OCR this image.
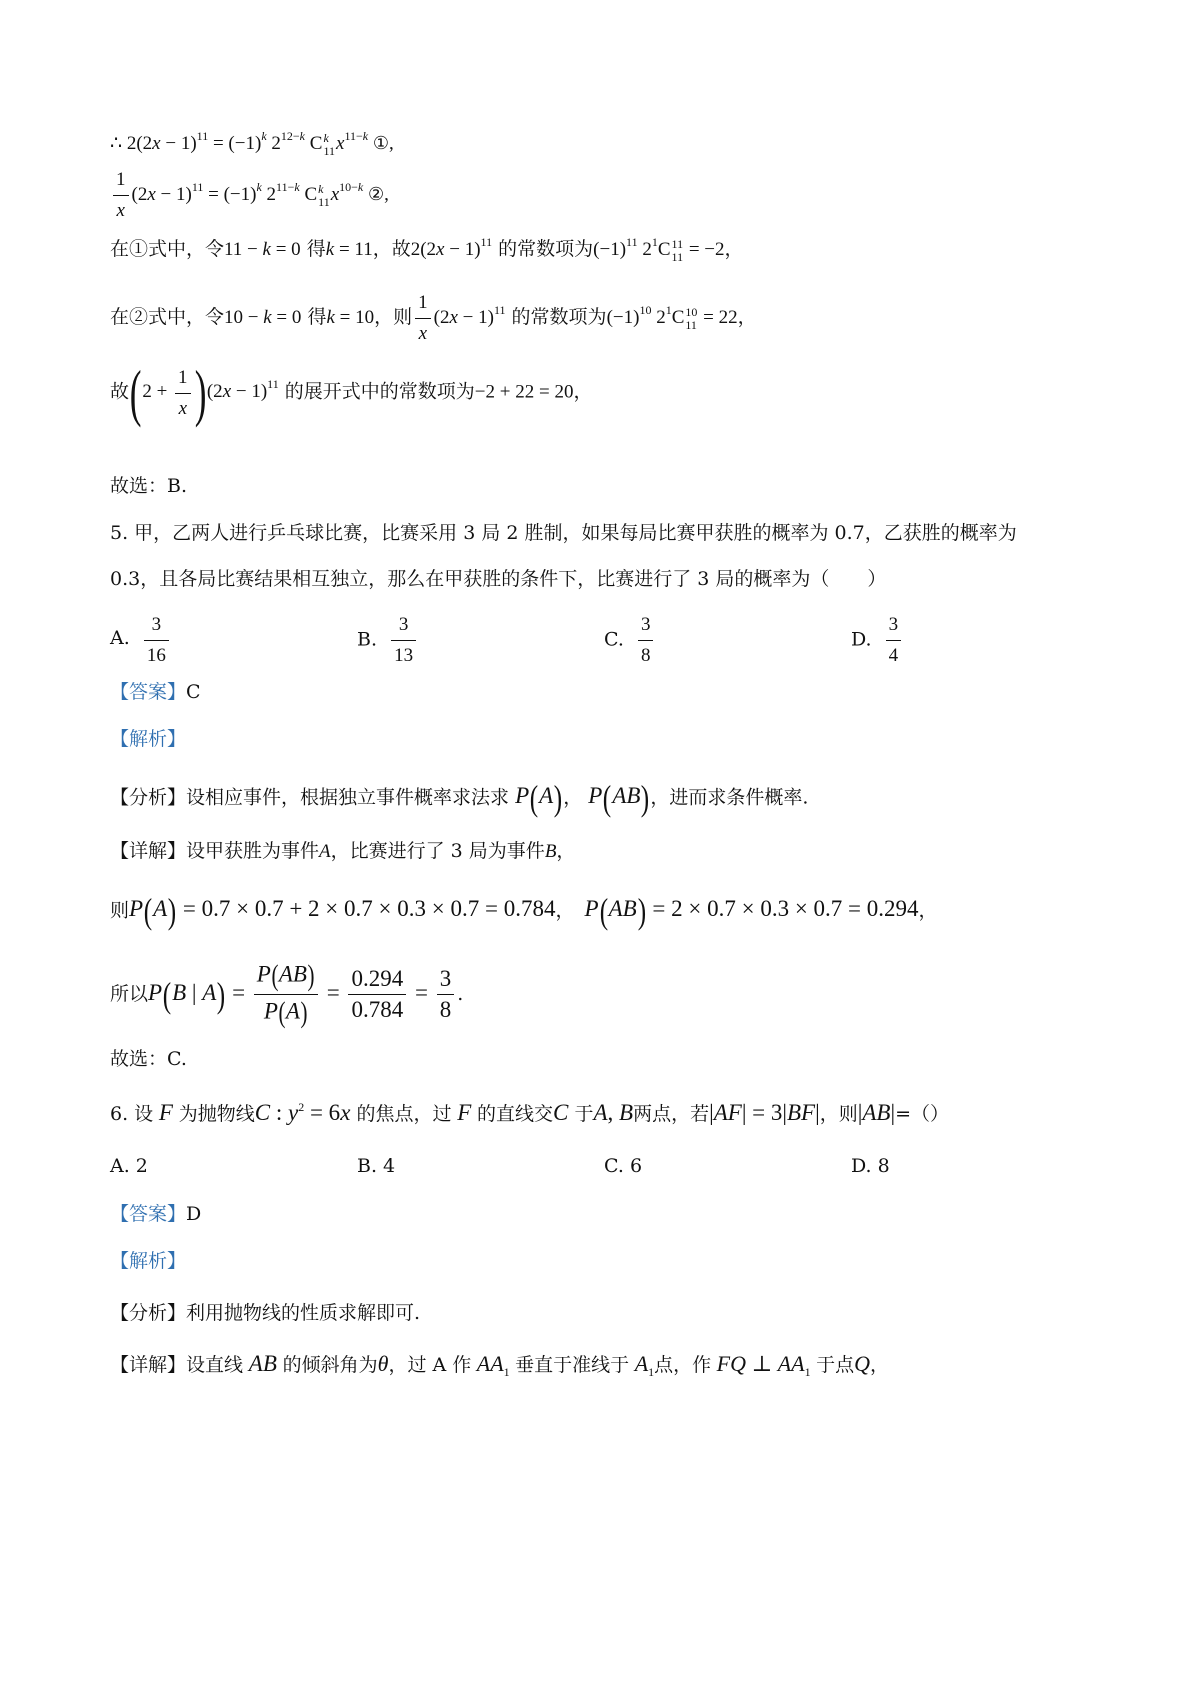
∴ $2(2x - 1)^{11} = (-1)^k$ $2^{12-k}$ C k
11 $x^{11-k}$ ①,
$\frac{1}{x} (2x - 1)^{11} = (-1)^k$ $2^{11-k}$ C k
11 $x^{10-k}$ ②,
在①式中，令11 − k = 0 得k = 11，故$2(2x - 1)^{11}$ 的常数项为$(-1)^{11}$ $2^1C$ 11
11 = −2，
在②式中，令10 − k = 0 得k = 10，则 $\frac{1}{x} (2x - 1)^{11}$ 的常数项为$(-1)^{10}$ $2^1C$ 10
11 = 22，
故$(2 + \frac{1}{x} )(2x - 1)^{11}$ 的展开式中的常数项为−2 + 22 = 20，
故选：B.
5. 甲，乙两人进行乒乓球比赛，比赛采用 3 局 2 胜制，如果每局比赛甲获胜的概率为 0.7，乙获胜的概率为
0.3，且各局比赛结果相互独立，那么在甲获胜的条件下，比赛进行了 3 局的概率为（　　）
A. $\frac{3}{16}$	B. $\frac{3}{13}$	C. $\frac{3}{8}$	D. $\frac{3}{4}$
【答案】C
【解析】
【分析】设相应事件，根据独立事件概率求法求 P(A)， P(AB)，进而求条件概率.
【详解】设甲获胜为事件A，比赛进行了 3 局为事件B，
则P(A) = 0.7 × 0.7 + 2 × 0.7 × 0.3 × 0.7 = 0.784， P(AB) = 2 × 0.7 × 0.3 × 0.7 = 0.294，
所以P(B | $A) = \frac{P(AB)}{P(A)} = \frac{0.294}{0.784} = \frac{3}{8}$ .
故选：C.
6. 设 F 为抛物线C : $y^2 = 6x$ 的焦点，过 F 的直线交C 于A, B两点，若|AF| = 3|BF|，则|AB|=（）
A. 2	B. 4	C. 6	D. 8
【答案】D
【解析】
【分析】利用抛物线的性质求解即可.
【详解】设直线 AB 的倾斜角为θ，过 A 作 $AA_1$ 垂直于准线于 $A_1$点，作 FQ ⊥ $AA_1$ 于点Q，
